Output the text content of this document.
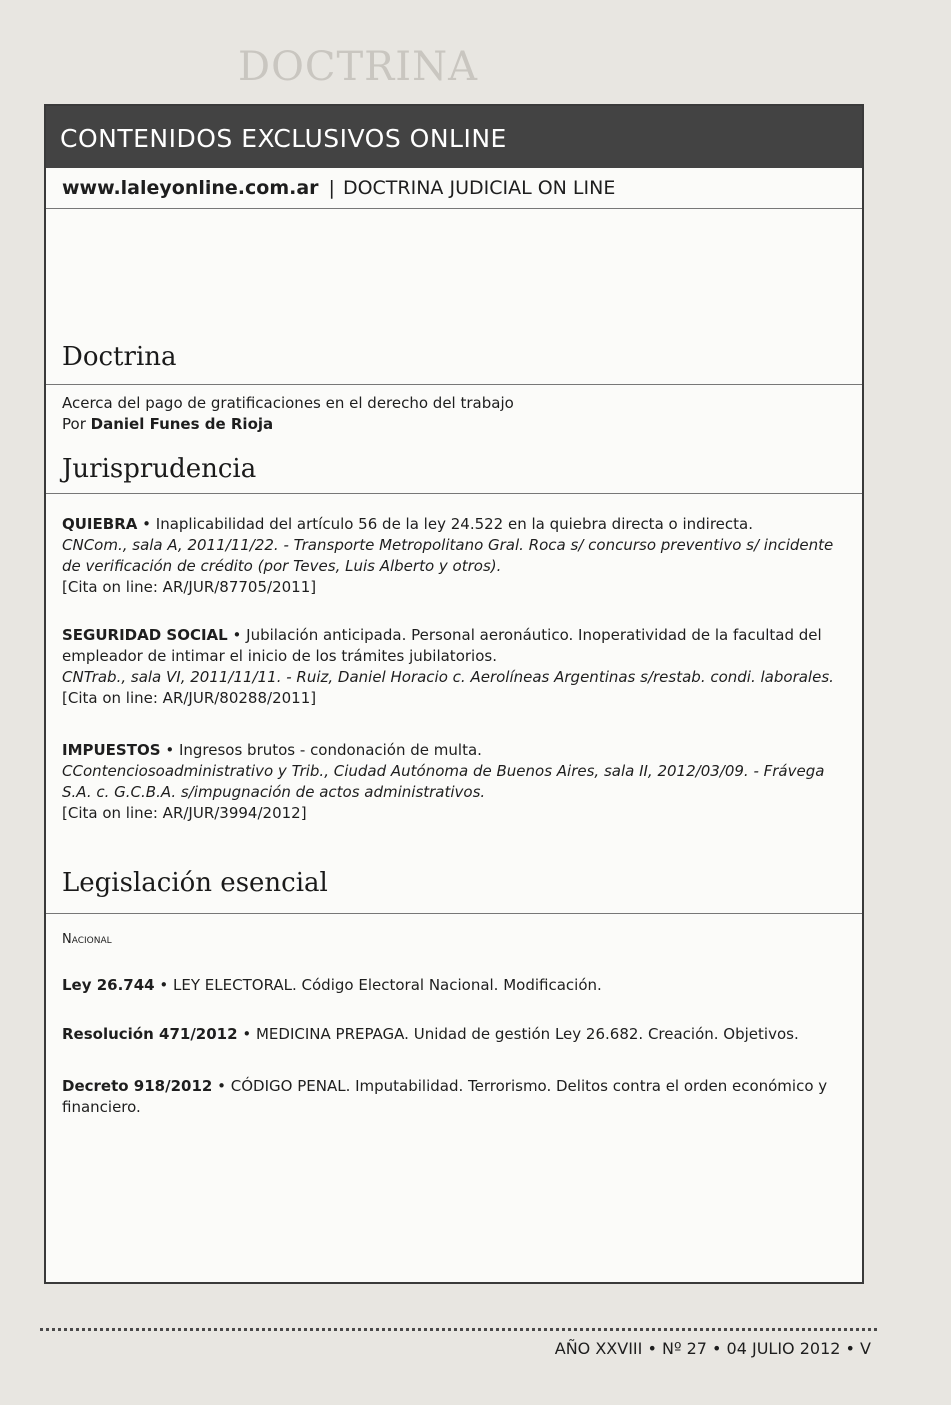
DOCTRINA
CONTENIDOS EXCLUSIVOS ONLINE
www.laleyonline.com.ar | DOCTRINA JUDICIAL ON LINE
Doctrina
Acerca del pago de gratificaciones en el derecho del trabajo
Por Daniel Funes de Rioja
Jurisprudencia
QUIEBRA • Inaplicabilidad del artículo 56 de la ley 24.522 en la quiebra directa o indirecta.
CNCom., sala A, 2011/11/22. - Transporte Metropolitano Gral. Roca s/ concurso preventivo s/ incidente de verificación de crédito (por Teves, Luis Alberto y otros).
[Cita on line: AR/JUR/87705/2011]
SEGURIDAD SOCIAL • Jubilación anticipada. Personal aeronáutico. Inoperatividad de la facultad del empleador de intimar el inicio de los trámites jubilatorios.
CNTrab., sala VI, 2011/11/11. - Ruiz, Daniel Horacio c. Aerolíneas Argentinas s/restab. condi. laborales.
[Cita on line: AR/JUR/80288/2011]
IMPUESTOS • Ingresos brutos - condonación de multa.
CContenciosoadministrativo y Trib., Ciudad Autónoma de Buenos Aires, sala II, 2012/03/09. - Frávega S.A. c. G.C.B.A. s/impugnación de actos administrativos.
[Cita on line: AR/JUR/3994/2012]
Legislación esencial
Nacional
Ley 26.744 • LEY ELECTORAL. Código Electoral Nacional. Modificación.
Resolución 471/2012 • MEDICINA PREPAGA. Unidad de gestión Ley 26.682. Creación. Objetivos.
Decreto 918/2012 • CÓDIGO PENAL. Imputabilidad. Terrorismo. Delitos contra el orden económico y financiero.
AÑO XXVIII • Nº 27 • 04 JULIO 2012 • V
